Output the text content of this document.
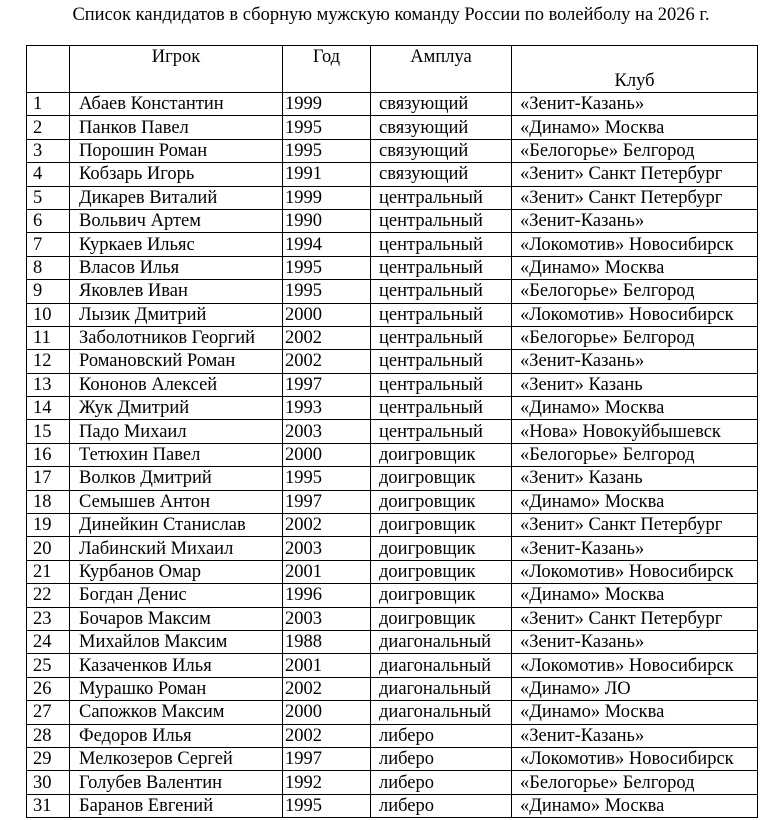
Список кандидатов в сборную мужскую команду России по волейболу на 2026 г.
	Игрок	Год	Амплуа	Клуб
1	Абаев Константин	1999	связующий	«Зенит-Казань»
2	Панков Павел	1995	связующий	«Динамо» Москва
3	Порошин Роман	1995	связующий	«Белогорье» Белгород
4	Кобзарь Игорь	1991	связующий	«Зенит» Санкт Петербург
5	Дикарев Виталий	1999	центральный	«Зенит» Санкт Петербург
6	Вольвич Артем	1990	центральный	«Зенит-Казань»
7	Куркаев Ильяс	1994	центральный	«Локомотив» Новосибирск
8	Власов Илья	1995	центральный	«Динамо» Москва
9	Яковлев Иван	1995	центральный	«Белогорье» Белгород
10	Лызик Дмитрий	2000	центральный	«Локомотив» Новосибирск
11	Заболотников Георгий	2002	центральный	«Белогорье» Белгород
12	Романовский Роман	2002	центральный	«Зенит-Казань»
13	Кононов Алексей	1997	центральный	«Зенит» Казань
14	Жук Дмитрий	1993	центральный	«Динамо» Москва
15	Падо Михаил	2003	центральный	«Нова» Новокуйбышевск
16	Тетюхин Павел	2000	доигровщик	«Белогорье» Белгород
17	Волков Дмитрий	1995	доигровщик	«Зенит» Казань
18	Семышев Антон	1997	доигровщик	«Динамо» Москва
19	Динейкин Станислав	2002	доигровщик	«Зенит» Санкт Петербург
20	Лабинский Михаил	2003	доигровщик	«Зенит-Казань»
21	Курбанов Омар	2001	доигровщик	«Локомотив» Новосибирск
22	Богдан Денис	1996	доигровщик	«Динамо» Москва
23	Бочаров Максим	2003	доигровщик	«Зенит» Санкт Петербург
24	Михайлов Максим	1988	диагональный	«Зенит-Казань»
25	Казаченков Илья	2001	диагональный	«Локомотив» Новосибирск
26	Мурашко Роман	2002	диагональный	«Динамо» ЛО
27	Сапожков Максим	2000	диагональный	«Динамо» Москва
28	Федоров Илья	2002	либеро	«Зенит-Казань»
29	Мелкозеров Сергей	1997	либеро	«Локомотив» Новосибирск
30	Голубев Валентин	1992	либеро	«Белогорье» Белгород
31	Баранов Евгений	1995	либеро	«Динамо» Москва
